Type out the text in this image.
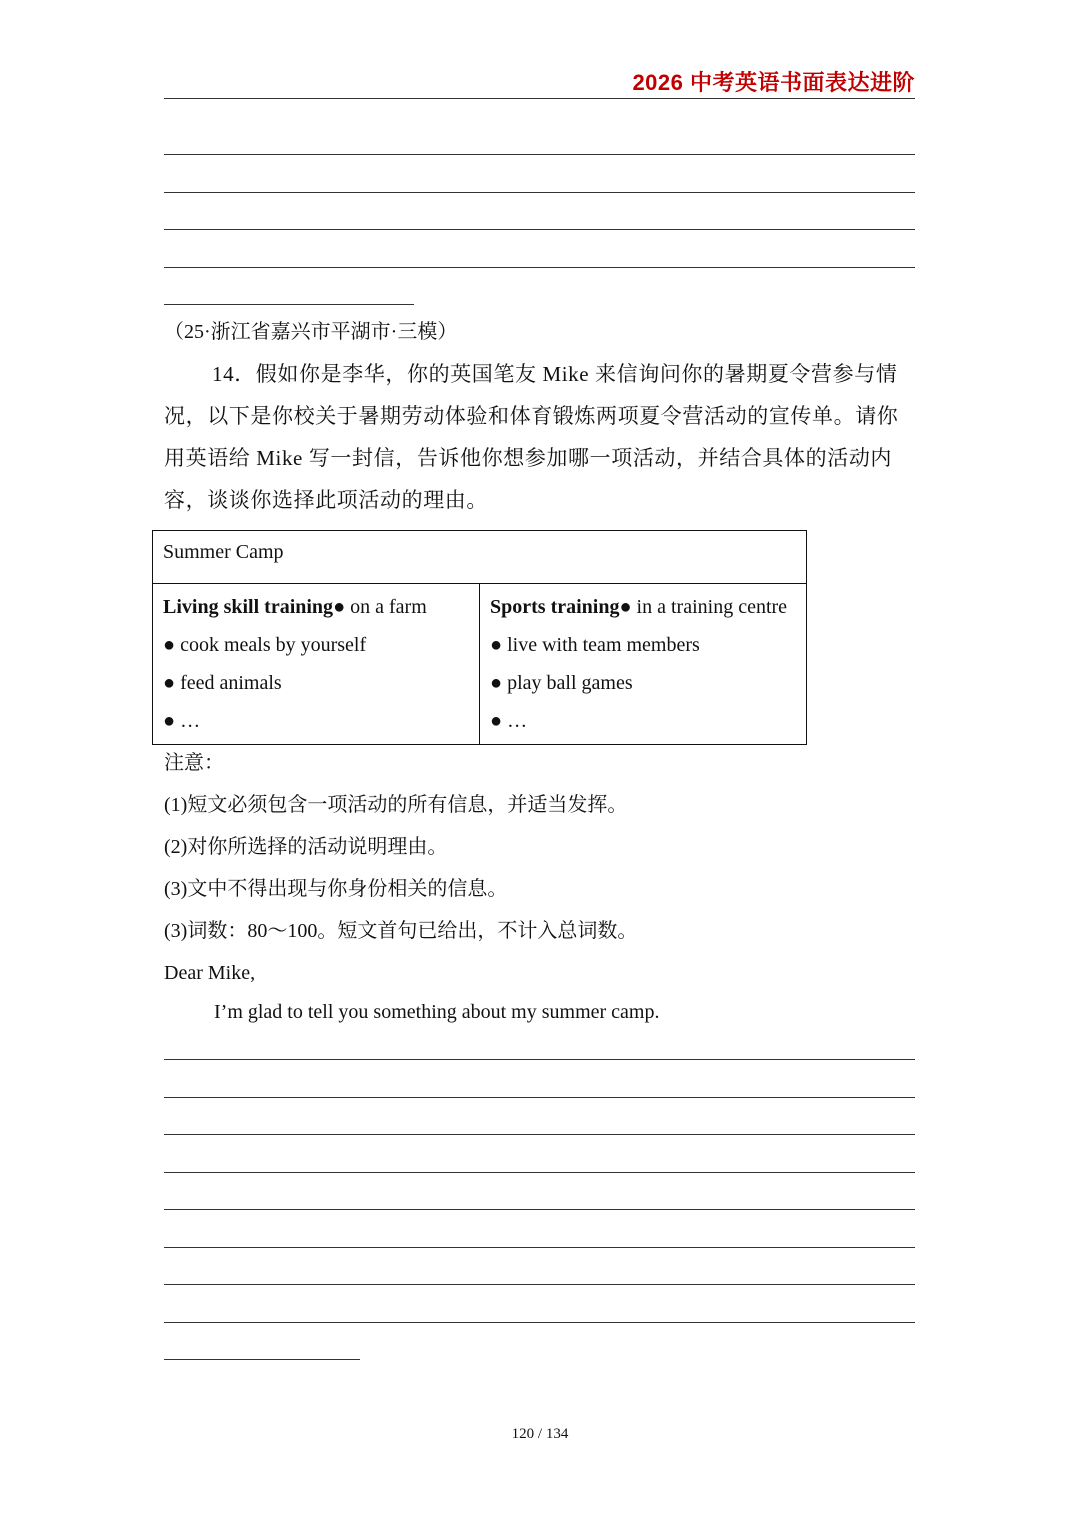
2026 中考英语书面表达进阶
（25·浙江省嘉兴市平湖市·三模）
14．假如你是李华，你的英国笔友 Mike 来信询问你的暑期夏令营参与情况，以下是你校关于暑期劳动体验和体育锻炼两项夏令营活动的宣传单。请你用英语给 Mike 写一封信，告诉他你想参加哪一项活动，并结合具体的活动内容，谈谈你选择此项活动的理由。
Summer Camp

Living skill training● on a farm
● cook meals by yourself
● feed animals
● …

Sports training● in a training centre
● live with team members
● play ball games
● …
注意：
(1)短文必须包含一项活动的所有信息，并适当发挥。
(2)对你所选择的活动说明理由。
(3)文中不得出现与你身份相关的信息。
(3)词数：80～100。短文首句已给出，不计入总词数。
Dear Mike,
I’m glad to tell you something about my summer camp.
120 / 134
